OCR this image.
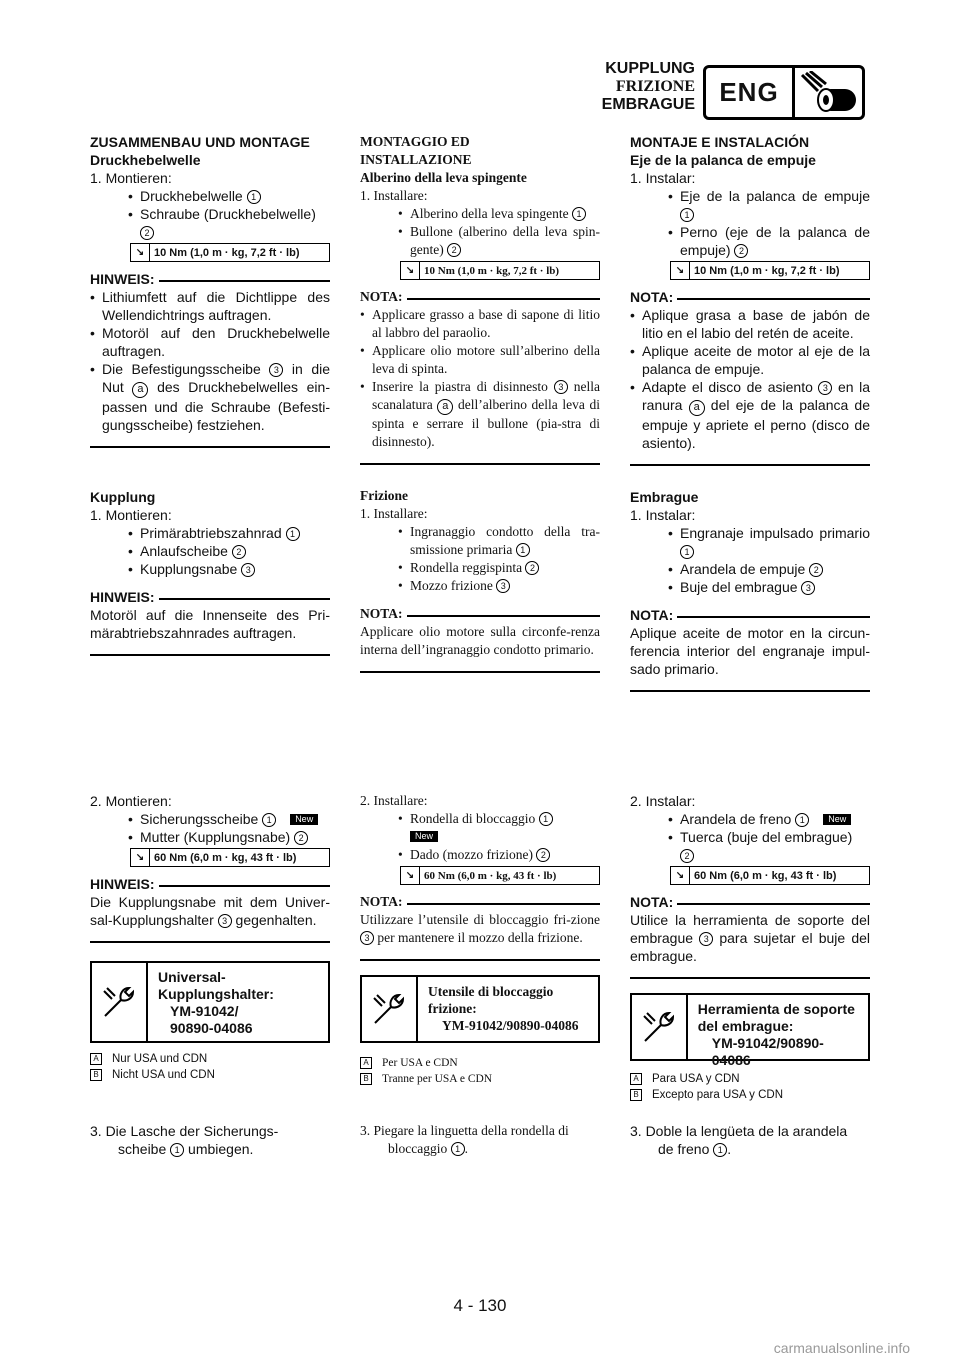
KUPPLUNG
FRIZIONE
EMBRAGUE ENG
ZUSAMMENBAU UND MONTAGE
Druckhebelwelle
1. Montieren:
• Druckhebelwelle 1
• Schraube (Druckhebelwelle)
2
↘ 10 Nm (1,0 m · kg, 7,2 ft · lb)
HINWEIS:
• Lithiumfett auf die Dichtlippe des Wellendichtrings auftragen.
• Motoröl auf den Druckhebelwelle auftragen.
• Die Befestigungsscheibe 3 in die Nut a des Druckhebelwelles ein-passen und die Schraube (Befesti-gungsscheibe) festziehen.
Kupplung
1. Montieren:
• Primärabtriebszahnrad 1
• Anlaufscheibe 2
• Kupplungsnabe 3
HINWEIS:
Motoröl auf die Innenseite des Pri-märabtriebszahnrades auftragen.
2. Montieren:
• Sicherungsscheibe 1	New
• Mutter (Kupplungsnabe) 2
↘ 60 Nm (6,0 m · kg, 43 ft · lb)
HINWEIS:
Die Kupplungsnabe mit dem Univer-sal-Kupplungshalter 3 gegenhalten.
Universal-
Kupplungshalter:
YM-91042/
90890-04086
A Nur USA und CDN
B Nicht USA und CDN
3. Die Lasche der Sicherungs-
scheibe 1 umbiegen.
MONTAGGIO ED
INSTALLAZIONE
Alberino della leva spingente
1. Installare:
• Alberino della leva spingente 1
• Bullone (alberino della leva spin-gente) 2
↘ 10 Nm (1,0 m · kg, 7,2 ft · lb)
NOTA:
• Applicare grasso a base di sapone di litio al labbro del paraolio.
• Applicare olio motore sull’alberino della leva di spinta.
• Inserire la piastra di disinnesto 3 nella scanalatura a dell’alberino della leva di spinta e serrare il bullone (pia-stra di disinnesto).
Frizione
1. Installare:
• Ingranaggio condotto della tra-smissione primaria 1
• Rondella reggispinta 2
• Mozzo frizione 3
NOTA:
Applicare olio motore sulla circonfe-renza interna dell’ingranaggio condotto primario.
2. Installare:
• Rondella di bloccaggio 1
New
• Dado (mozzo frizione) 2
↘ 60 Nm (6,0 m · kg, 43 ft · lb)
NOTA:
Utilizzare l’utensile di bloccaggio fri-zione 3 per mantenere il mozzo della frizione.
Utensile di bloccaggio
frizione:
YM-91042/90890-04086
A Per USA e CDN
B Tranne per USA e CDN
3. Piegare la linguetta della rondella di
bloccaggio 1 .
MONTAJE E INSTALACIÓN
Eje de la palanca de empuje
1. Instalar:
• Eje de la palanca de empuje 1
• Perno (eje de la palanca de empuje) 2
↘ 10 Nm (1,0 m · kg, 7,2 ft · lb)
NOTA:
• Aplique grasa a base de jabón de litio en el labio del retén de aceite.
• Aplique aceite de motor al eje de la palanca de empuje.
• Adapte el disco de asiento 3 en la ranura a del eje de la palanca de empuje y apriete el perno (disco de asiento).
Embrague
1. Instalar:
• Engranaje impulsado primario 1
• Arandela de empuje 2
• Buje del embrague 3
NOTA:
Aplique aceite de motor en la circun-ferencia interior del engranaje impul-sado primario.
2. Instalar:
• Arandela de freno 1	New
• Tuerca (buje del embrague) 2
↘ 60 Nm (6,0 m · kg, 43 ft · lb)
NOTA:
Utilice la herramienta de soporte del embrague 3 para sujetar el buje del embrague.
Herramienta de soporte
del embrague:
YM-91042/90890-04086
A Para USA y CDN
B Excepto para USA y CDN
3. Doble la lengüeta de la arandela
de freno 1 .
4 - 130
carmanualsonline.info
